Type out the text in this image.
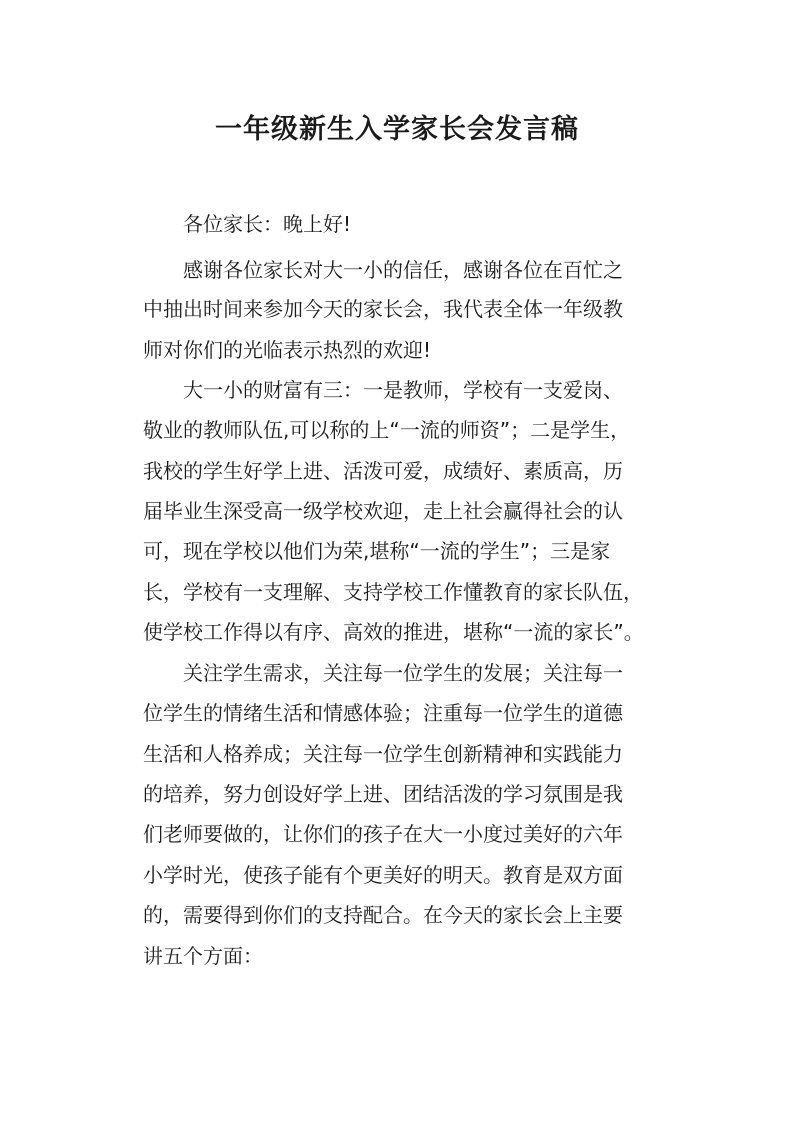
一年级新生入学家长会发言稿
各位家长：晚上好!
感谢各位家长对大一小的信任，感谢各位在百忙之
中抽出时间来参加今天的家长会，我代表全体一年级教
师对你们的光临表示热烈的欢迎!
大一小的财富有三：一是教师，学校有一支爱岗、
敬业的教师队伍,可以称的上“一流的师资”；二是学生，
我校的学生好学上进、活泼可爱，成绩好、素质高，历
届毕业生深受高一级学校欢迎，走上社会赢得社会的认
可，现在学校以他们为荣,堪称“一流的学生”；三是家
长，学校有一支理解、支持学校工作懂教育的家长队伍，
使学校工作得以有序、高效的推进，堪称“一流的家长”。
关注学生需求，关注每一位学生的发展；关注每一
位学生的情绪生活和情感体验；注重每一位学生的道德
生活和人格养成；关注每一位学生创新精神和实践能力
的培养，努力创设好学上进、团结活泼的学习氛围是我
们老师要做的，让你们的孩子在大一小度过美好的六年
小学时光，使孩子能有个更美好的明天。教育是双方面
的，需要得到你们的支持配合。在今天的家长会上主要
讲五个方面：
